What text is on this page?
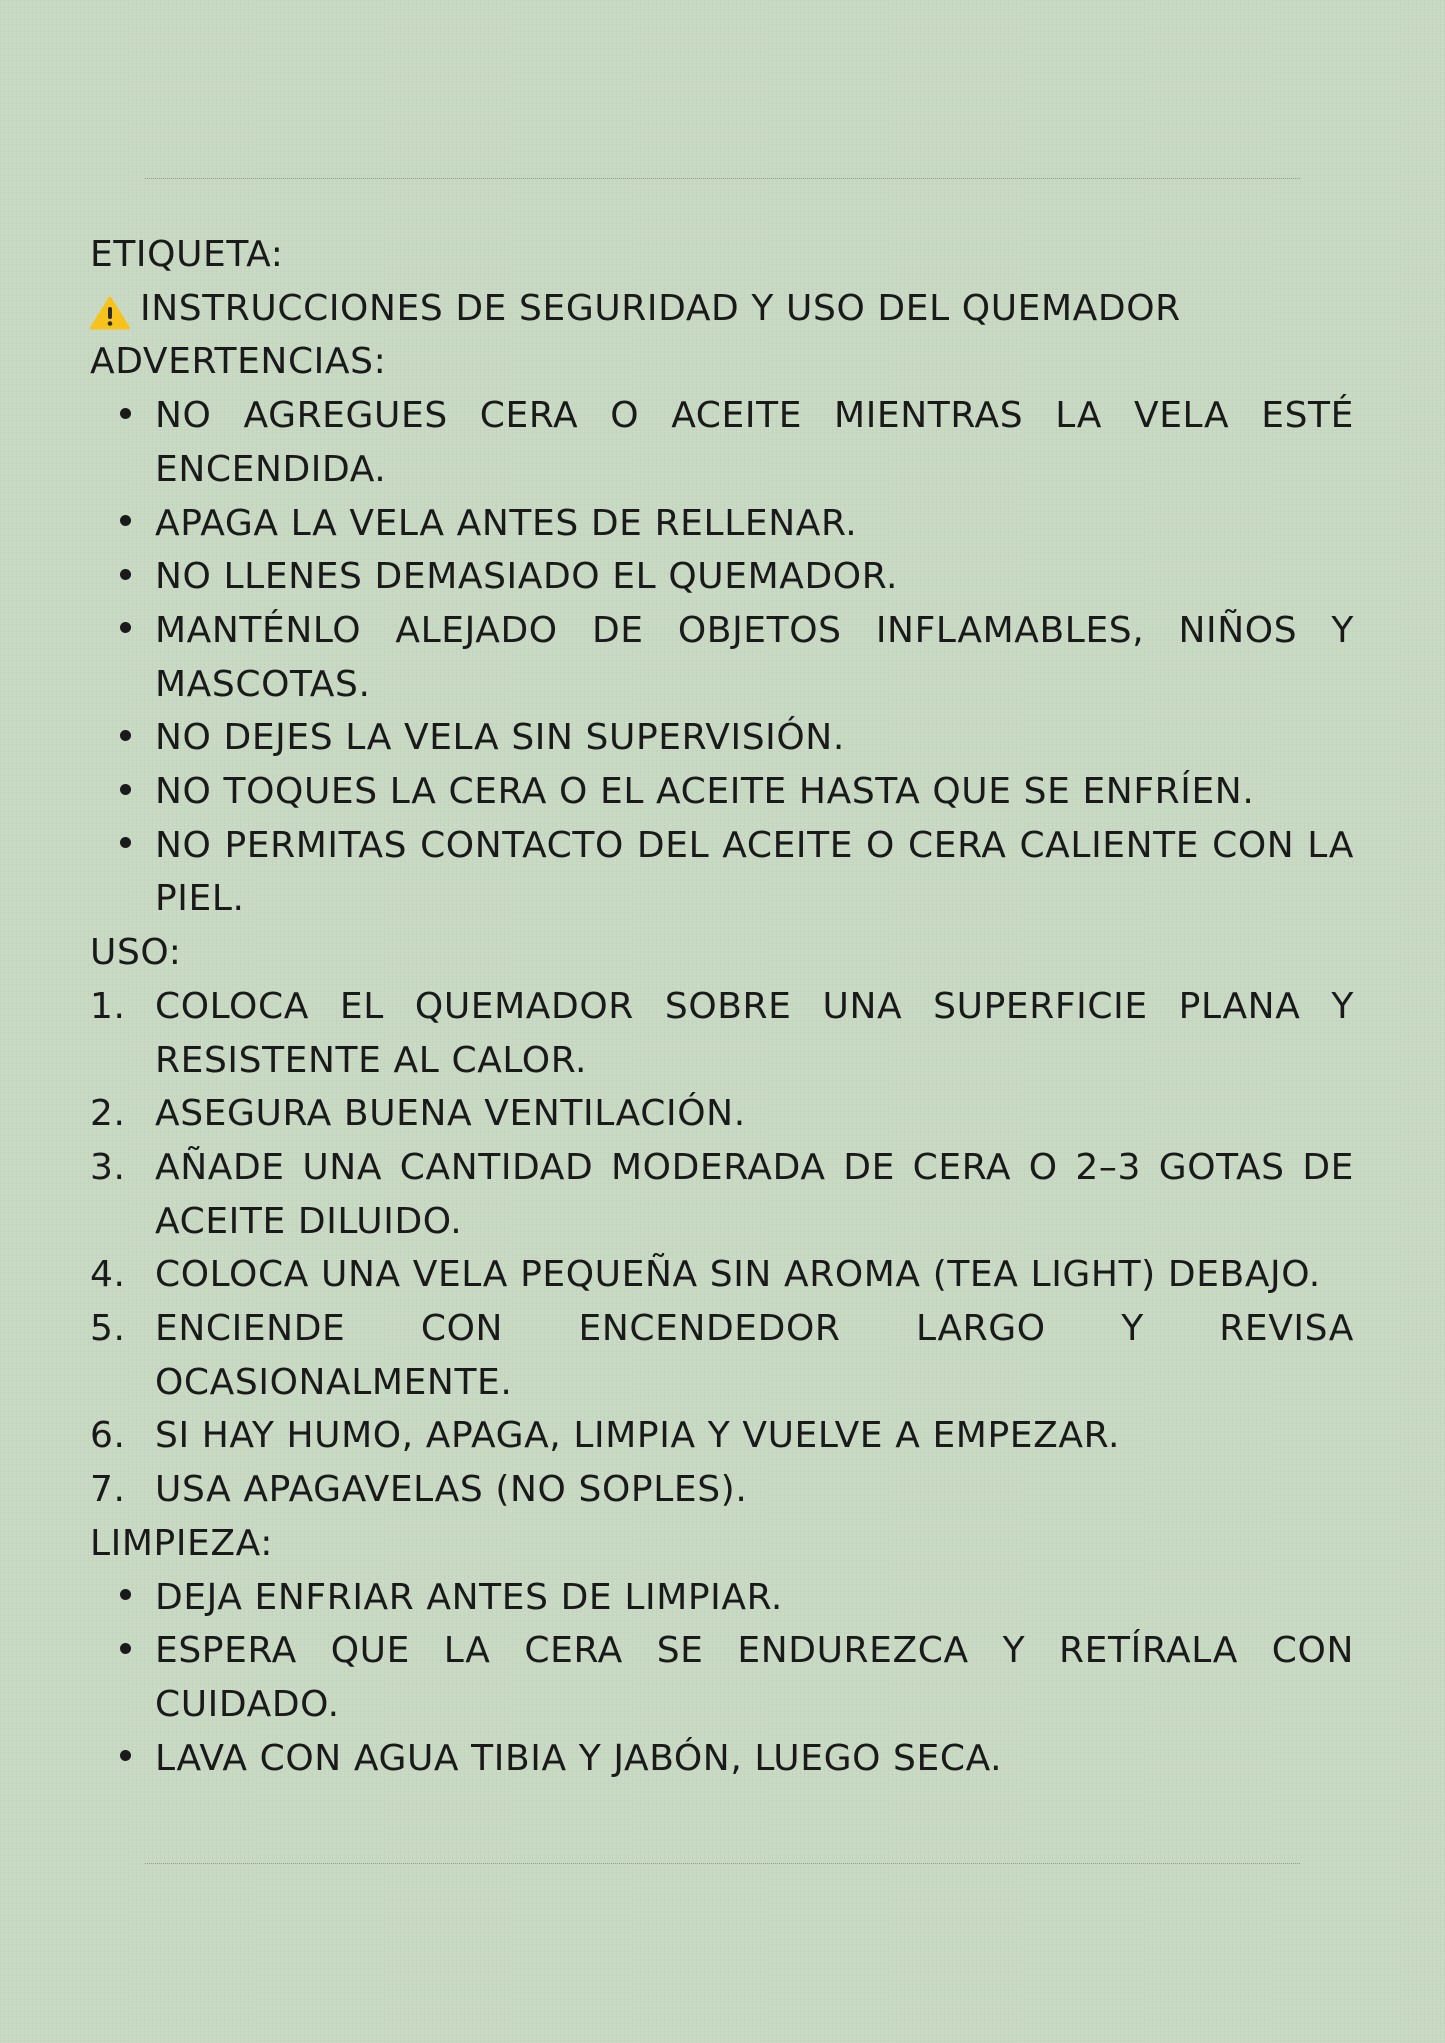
ETIQUETA:

INSTRUCCIONES DE SEGURIDAD Y USO DEL QUEMADOR

ADVERTENCIAS:

NO AGREGUES CERA O ACEITE MIENTRAS LA VELA ESTÉ ENCENDIDA.
APAGA LA VELA ANTES DE RELLENAR.
NO LLENES DEMASIADO EL QUEMADOR.
MANTÉNLO ALEJADO DE OBJETOS INFLAMABLES, NIÑOS Y MASCOTAS.
NO DEJES LA VELA SIN SUPERVISIÓN.
NO TOQUES LA CERA O EL ACEITE HASTA QUE SE ENFRÍEN.
NO PERMITAS CONTACTO DEL ACEITE O CERA CALIENTE CON LA PIEL.

USO:

1. COLOCA EL QUEMADOR SOBRE UNA SUPERFICIE PLANA Y RESISTENTE AL CALOR.
2. ASEGURA BUENA VENTILACIÓN.
3. AÑADE UNA CANTIDAD MODERADA DE CERA O 2–3 GOTAS DE ACEITE DILUIDO.
4. COLOCA UNA VELA PEQUEÑA SIN AROMA (TEA LIGHT) DEBAJO.
5. ENCIENDE CON ENCENDEDOR LARGO Y REVISA OCASIONALMENTE.
6. SI HAY HUMO, APAGA, LIMPIA Y VUELVE A EMPEZAR.
7. USA APAGAVELAS (NO SOPLES).

LIMPIEZA:

DEJA ENFRIAR ANTES DE LIMPIAR.
ESPERA QUE LA CERA SE ENDUREZCA Y RETÍRALA CON CUIDADO.
LAVA CON AGUA TIBIA Y JABÓN, LUEGO SECA.
